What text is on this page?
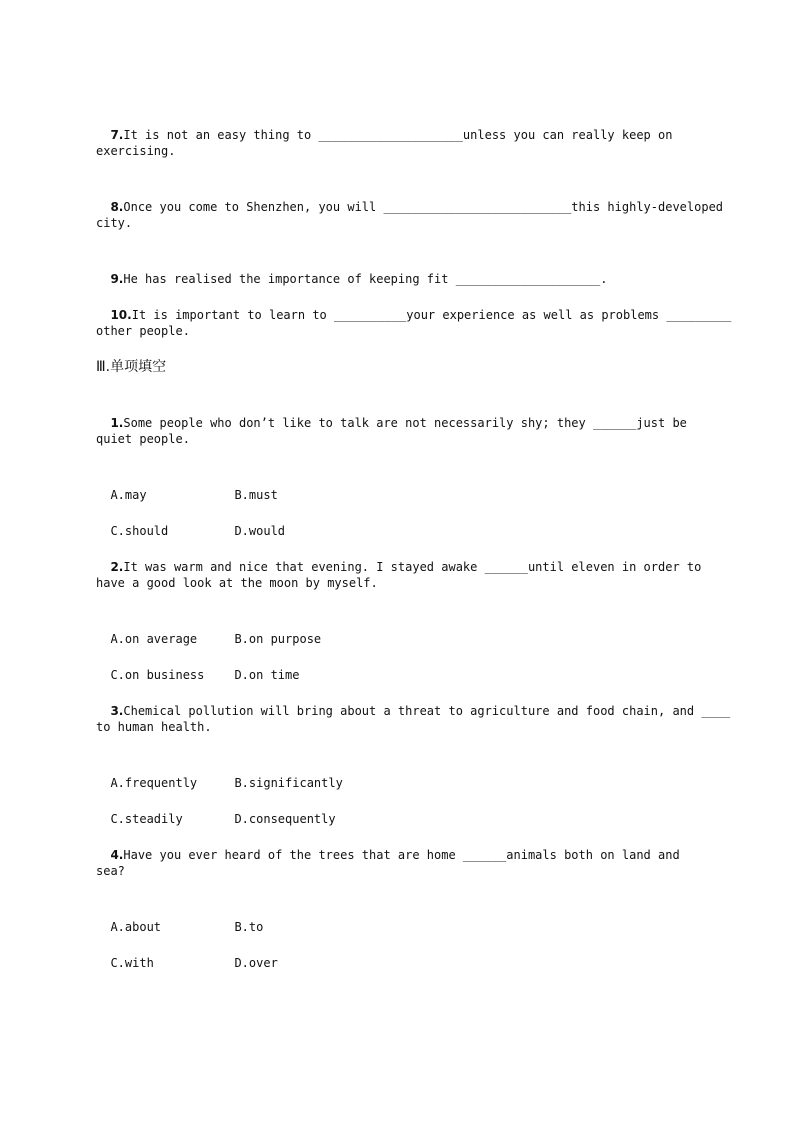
7.It is not an easy thing to ____________________unless you can really keep on

exercising.

8.Once you come to Shenzhen, you will __________________________this highly-developed

city.

9.He has realised the importance of keeping fit ____________________.

10.It is important to learn to __________your experience as well as problems _________

other people.
Ⅲ.单项填空

1.Some people who don’t like to talk are not necessarily shy; they ______just be

quiet people.

A.may	B.must

C.should	D.would

2.It was warm and nice that evening. I stayed awake ______until eleven in order to

have a good look at the moon by myself.

A.on average	B.on purpose

C.on business	D.on time

3.Chemical pollution will bring about a threat to agriculture and food chain, and ____

to human health.

A.frequently	B.significantly

C.steadily	D.consequently

4.Have you ever heard of the trees that are home ______animals both on land and

sea?

A.about	B.to

C.with	D.over
